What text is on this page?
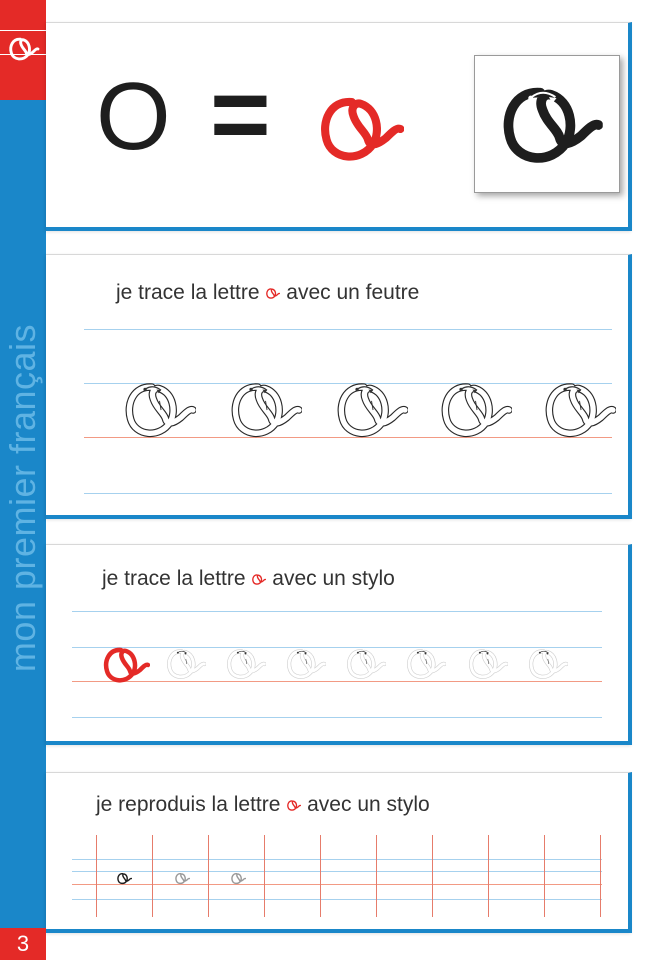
mon premier français
O =
je trace la lettre avec un feutre
je trace la lettre avec un stylo
je reproduis la lettre avec un stylo
3
